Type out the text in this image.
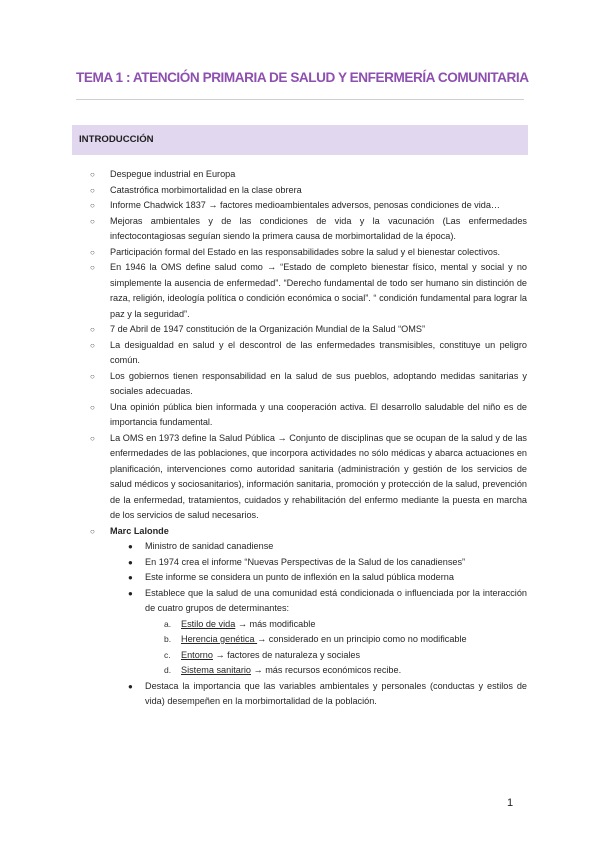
TEMA 1 : ATENCIÓN PRIMARIA DE SALUD Y ENFERMERÍA COMUNITARIA
INTRODUCCIÓN
○ Despegue industrial en Europa
○ Catastrófica morbimortalidad en la clase obrera
○ Informe Chadwick 1837 → factores medioambientales adversos, penosas condiciones de vida…
○ Mejoras ambientales y de las condiciones de vida y la vacunación (Las enfermedades infectocontagiosas seguían siendo la primera causa de morbimortalidad de la época).
○ Participación formal del Estado en las responsabilidades sobre la salud y el bienestar colectivos.
○ En 1946 la OMS define salud como → “Estado de completo bienestar físico, mental y social y no simplemente la ausencia de enfermedad”. “Derecho fundamental de todo ser humano sin distinción de raza, religión, ideología política o condición económica o social”. “ condición fundamental para lograr la paz y la seguridad”.
○ 7 de Abril de 1947 constitución de la Organización Mundial de la Salud “OMS”
○ La desigualdad en salud y el descontrol de las enfermedades transmisibles, constituye un peligro común.
○ Los gobiernos tienen responsabilidad en la salud de sus pueblos, adoptando medidas sanitarias y sociales adecuadas.
○ Una opinión pública bien informada y una cooperación activa. El desarrollo saludable del niño es de importancia fundamental.
○ La OMS en 1973 define la Salud Pública → Conjunto de disciplinas que se ocupan de la salud y de las enfermedades de las poblaciones, que incorpora actividades no sólo médicas y abarca actuaciones en planificación, intervenciones como autoridad sanitaria (administración y gestión de los servicios de salud médicos y sociosanitarios), información sanitaria, promoción y protección de la salud, prevención de la enfermedad, tratamientos, cuidados y rehabilitación del enfermo mediante la puesta en marcha de los servicios de salud necesarios.
○ Marc Lalonde
● Ministro de sanidad canadiense
● En 1974 crea el informe “Nuevas Perspectivas de la Salud de los canadienses”
● Este informe se considera un punto de inflexión en la salud pública moderna
● Establece que la salud de una comunidad está condicionada o influenciada por la interacción de cuatro grupos de determinantes:
a. Estilo de vida → más modificable
b. Herencia genética → considerado en un principio como no modificable
c. Entorno → factores de naturaleza y sociales
d. Sistema sanitario → más recursos económicos recibe.
● Destaca la importancia que las variables ambientales y personales (conductas y estilos de vida) desempeñen en la morbimortalidad de la población.
1
